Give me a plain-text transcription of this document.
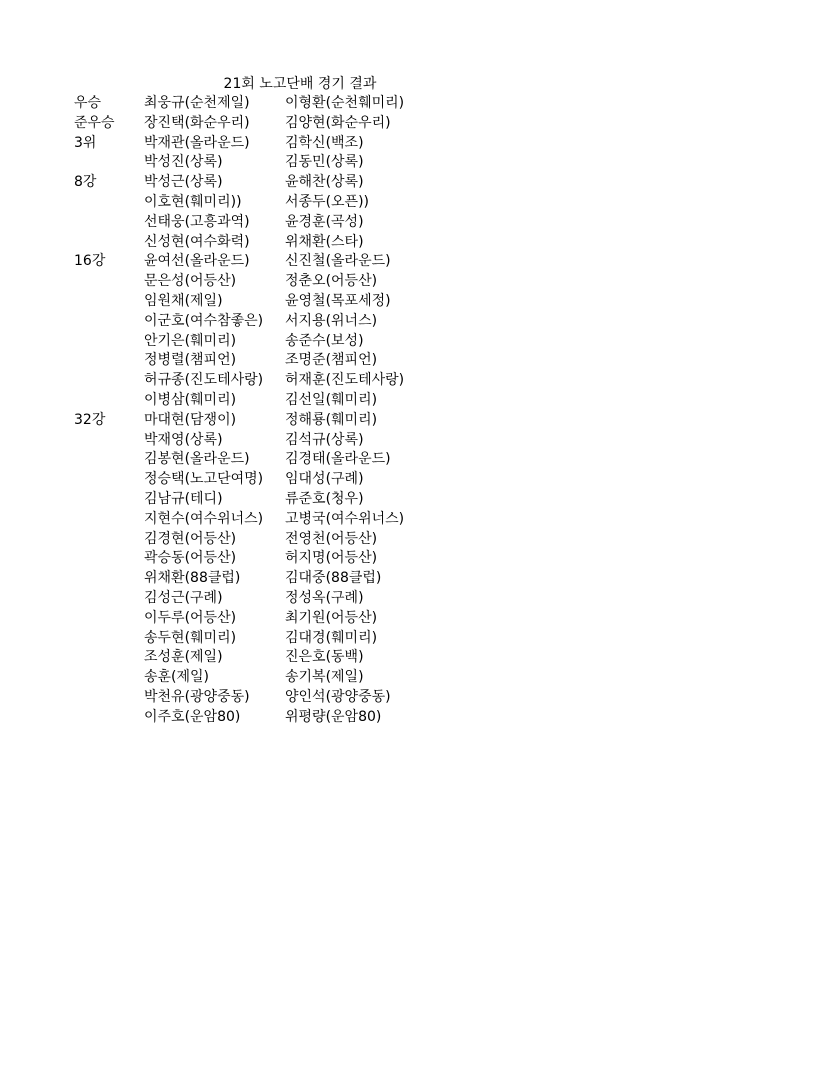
21회 노고단배 경기 결과
우승	최웅규(순천제일)	이형환(순천훼미리)
준우승 장진택(화순우리)	김양현(화순우리)
3위	박재관(올라운드)	김학신(백조)
박성진(상록)	김동민(상록)
8강	박성근(상록)	윤해찬(상록)
이호현(훼미리))	서종두(오픈))
선태웅(고흥과역)	윤경훈(곡성)
신성현(여수화력)	위채환(스타)
16강	윤여선(올라운드)	신진철(올라운드)
문은성(어등산)	정춘오(어등산)
임원채(제일)	윤영철(목포세정)
이군호(여수참좋은) 서지용(위너스)
안기은(훼미리)	송준수(보성)
정병렬(챔피언)	조명준(챔피언)
허규종(진도테사랑) 허재훈(진도테사랑)
이병삼(훼미리)	김선일(훼미리)
32강	마대현(담쟁이)	정해룡(훼미리)
박재영(상록)	김석규(상록)
김봉현(올라운드)	김경태(올라운드)
정승택(노고단여명) 임대성(구례)
김남규(테디)	류준호(청우)
지현수(여수위너스) 고병국(여수위너스)
김경현(어등산)	전영천(어등산)
곽승동(어등산)	허지명(어등산)
위채환(88클럽)	김대중(88클럽)
김성근(구례)	정성옥(구례)
이두루(어등산)	최기원(어등산)
송두현(훼미리)	김대경(훼미리)
조성훈(제일)	진은호(동백)
송훈(제일)	송기복(제일)
박천유(광양중동)	양인석(광양중동)
이주호(운암80)	위평량(운암80)
